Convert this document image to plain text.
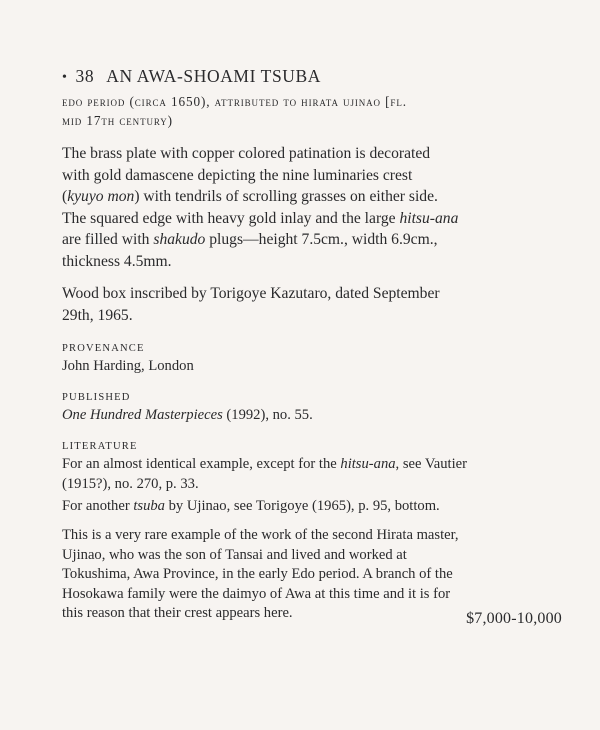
• 38 AN AWA-SHOAMI TSUBA
edo period (circa 1650), attributed to hirata ujinao [fl.
mid 17th century)
The brass plate with copper colored patination is decorated
with gold damascene depicting the nine luminaries crest
(kyuyo mon) with tendrils of scrolling grasses on either side.
The squared edge with heavy gold inlay and the large hitsu-ana
are filled with shakudo plugs—height 7.5cm., width 6.9cm.,
thickness 4.5mm.
Wood box inscribed by Torigoye Kazutaro, dated September
29th, 1965.
PROVENANCE
John Harding, London
PUBLISHED
One Hundred Masterpieces (1992), no. 55.
LITERATURE
For an almost identical example, except for the hitsu-ana, see Vautier
(1915?), no. 270, p. 33.
For another tsuba by Ujinao, see Torigoye (1965), p. 95, bottom.
This is a very rare example of the work of the second Hirata master,
Ujinao, who was the son of Tansai and lived and worked at
Tokushima, Awa Province, in the early Edo period. A branch of the
Hosokawa family were the daimyo of Awa at this time and it is for
this reason that their crest appears here.	$7,000-10,000
